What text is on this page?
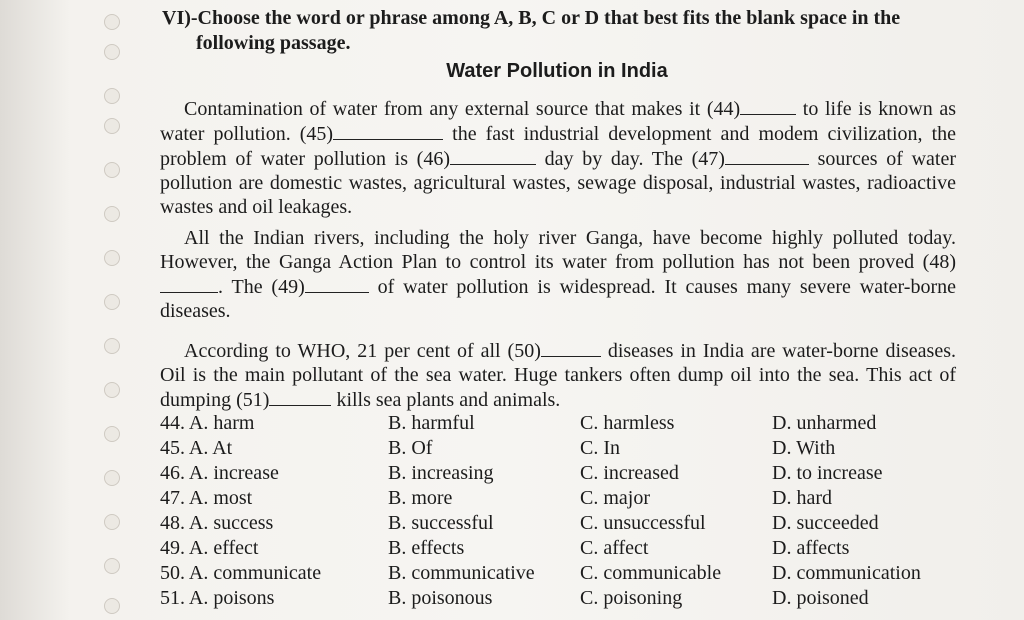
VI)-Choose the word or phrase among A, B, C or D that best fits the blank space in the
following passage.
Water Pollution in India
Contamination of water from any external source that makes it (44)	to life is known as water pollution. (45)	the fast industrial development and modem civilization, the problem of water pollution is (46)	day by day. The (47)	sources of water pollution are domestic wastes, agricultural wastes, sewage disposal, industrial wastes, radioactive wastes and oil leakages.
All the Indian rivers, including the holy river Ganga, have become highly polluted today. However, the Ganga Action Plan to control its water from pollution has not been proved (48). The (49)	of water pollution is widespread. It causes many severe water-borne diseases.
According to WHO, 21 per cent of all (50)	diseases in India are water-borne diseases. Oil is the main pollutant of the sea water. Huge tankers often dump oil into the sea. This act of dumping (51)	kills sea plants and animals.
44. A. harm	B. harmful	C. harmless	D. unharmed
45. A. At	B. Of	C. In	D. With
46. A. increase	B. increasing	C. increased	D. to increase
47. A. most	B. more	C. major	D. hard
48. A. success	B. successful	C. unsuccessful	D. succeeded
49. A. effect	B. effects	C. affect	D. affects
50. A. communicate	B. communicative C. communicable	D. communication
51. A. poisons	B. poisonous	C. poisoning	D. poisoned
